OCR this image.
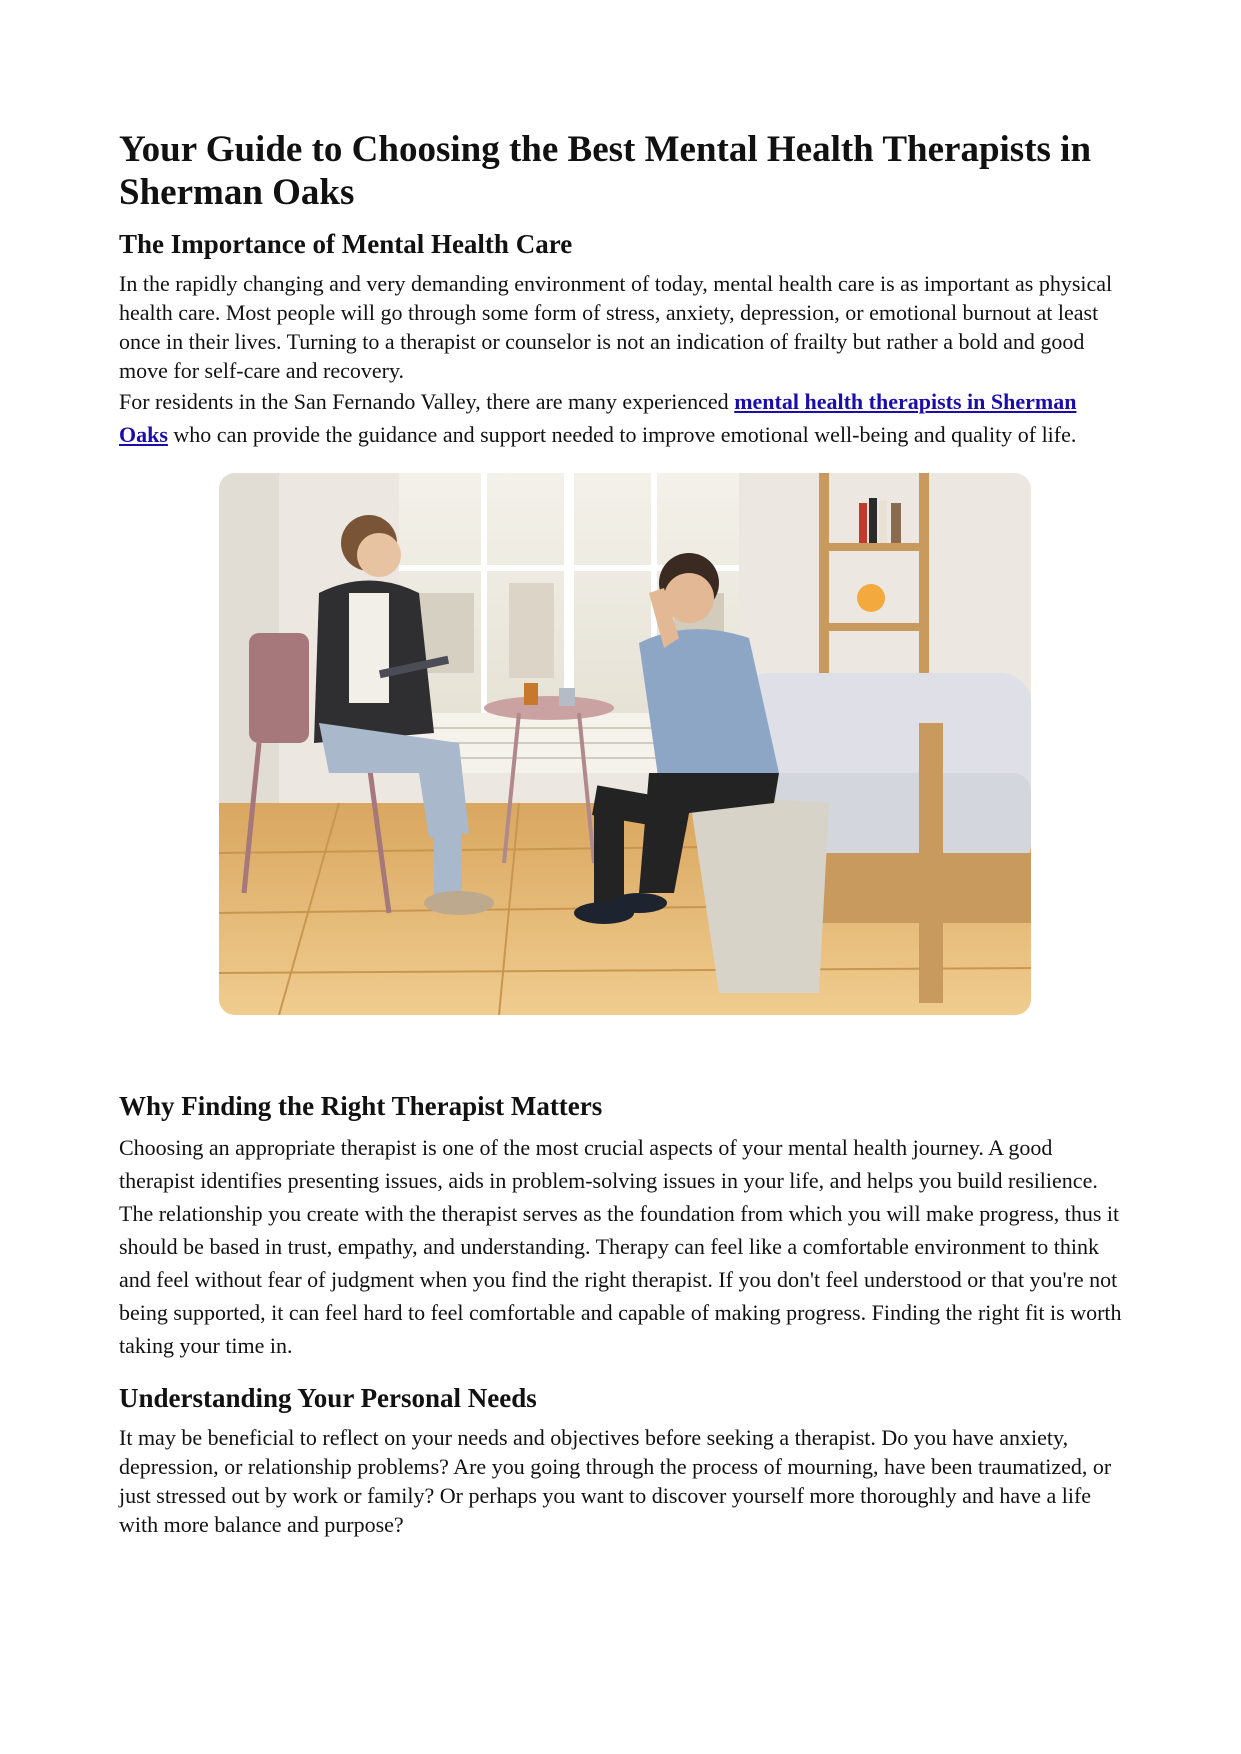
Your Guide to Choosing the Best Mental Health Therapists in Sherman Oaks
The Importance of Mental Health Care

In the rapidly changing and very demanding environment of today, mental health care is as important as physical health care. Most people will go through some form of stress, anxiety, depression, or emotional burnout at least once in their lives. Turning to a therapist or counselor is not an indication of frailty but rather a bold and good move for self-care and recovery.

For residents in the San Fernando Valley, there are many experienced mental health therapists in Sherman Oaks who can provide the guidance and support needed to improve emotional well-being and quality of life.

Why Finding the Right Therapist Matters

Choosing an appropriate therapist is one of the most crucial aspects of your mental health journey. A good therapist identifies presenting issues, aids in problem-solving issues in your life, and helps you build resilience. The relationship you create with the therapist serves as the foundation from which you will make progress, thus it should be based in trust, empathy, and understanding. Therapy can feel like a comfortable environment to think and feel without fear of judgment when you find the right therapist. If you don't feel understood or that you're not being supported, it can feel hard to feel comfortable and capable of making progress. Finding the right fit is worth taking your time in.

Understanding Your Personal Needs

It may be beneficial to reflect on your needs and objectives before seeking a therapist. Do you have anxiety, depression, or relationship problems? Are you going through the process of mourning, have been traumatized, or just stressed out by work or family? Or perhaps you want to discover yourself more thoroughly and have a life with more balance and purpose?
